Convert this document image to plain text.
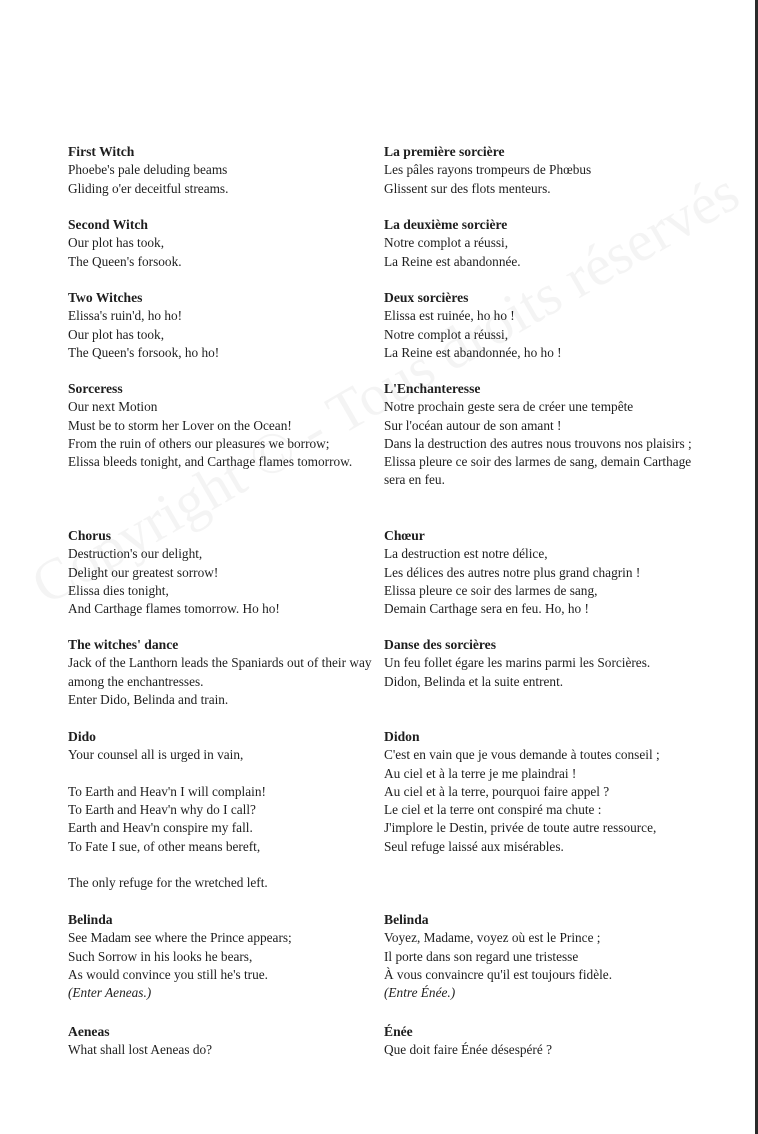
First Witch
Phoebe's pale deluding beams
Gliding o'er deceitful streams.
Second Witch
Our plot has took,
The Queen's forsook.
Two Witches
Elissa's ruin'd, ho ho!
Our plot has took,
The Queen's forsook, ho ho!
Sorceress
Our next Motion
Must be to storm her Lover on the Ocean!
From the ruin of others our pleasures we borrow;
Elissa bleeds tonight, and Carthage flames tomorrow.
Chorus
Destruction's our delight,
Delight our greatest sorrow!
Elissa dies tonight,
And Carthage flames tomorrow. Ho ho!
The witches' dance
Jack of the Lanthorn leads the Spaniards out of their way among the enchantresses.
Enter Dido, Belinda and train.
Dido
Your counsel all is urged in vain,
To Earth and Heav'n I will complain!
To Earth and Heav'n why do I call?
Earth and Heav'n conspire my fall.
To Fate I sue, of other means bereft,
The only refuge for the wretched left.
Belinda
See Madam see where the Prince appears;
Such Sorrow in his looks he bears,
As would convince you still he's true.
(Enter Aeneas.)
Aeneas
What shall lost Aeneas do?
La première sorcière
Les pâles rayons trompeurs de Phœbus
Glissent sur des flots menteurs.
La deuxième sorcière
Notre complot a réussi,
La Reine est abandonnée.
Deux sorcières
Elissa est ruinée, ho ho !
Notre complot a réussi,
La Reine est abandonnée, ho ho !
L'Enchanteresse
Notre prochain geste sera de créer une tempête
Sur l'océan autour de son amant !
Dans la destruction des autres nous trouvons nos plaisirs ;
Elissa pleure ce soir des larmes de sang, demain Carthage sera en feu.
Chœur
La destruction est notre délice,
Les délices des autres notre plus grand chagrin !
Elissa pleure ce soir des larmes de sang,
Demain Carthage sera en feu. Ho, ho !
Danse des sorcières
Un feu follet égare les marins parmi les Sorcières.
Didon, Belinda et la suite entrent.
Didon
C'est en vain que je vous demande à toutes conseil ;
Au ciel et à la terre je me plaindrai !
Au ciel et à la terre, pourquoi faire appel ?
Le ciel et la terre ont conspiré ma chute :
J'implore le Destin, privée de toute autre ressource,
Seul refuge laissé aux misérables.
Belinda
Voyez, Madame, voyez où est le Prince ;
Il porte dans son regard une tristesse
À vous convaincre qu'il est toujours fidèle.
(Entre Énée.)
Énée
Que doit faire Énée désespéré ?
